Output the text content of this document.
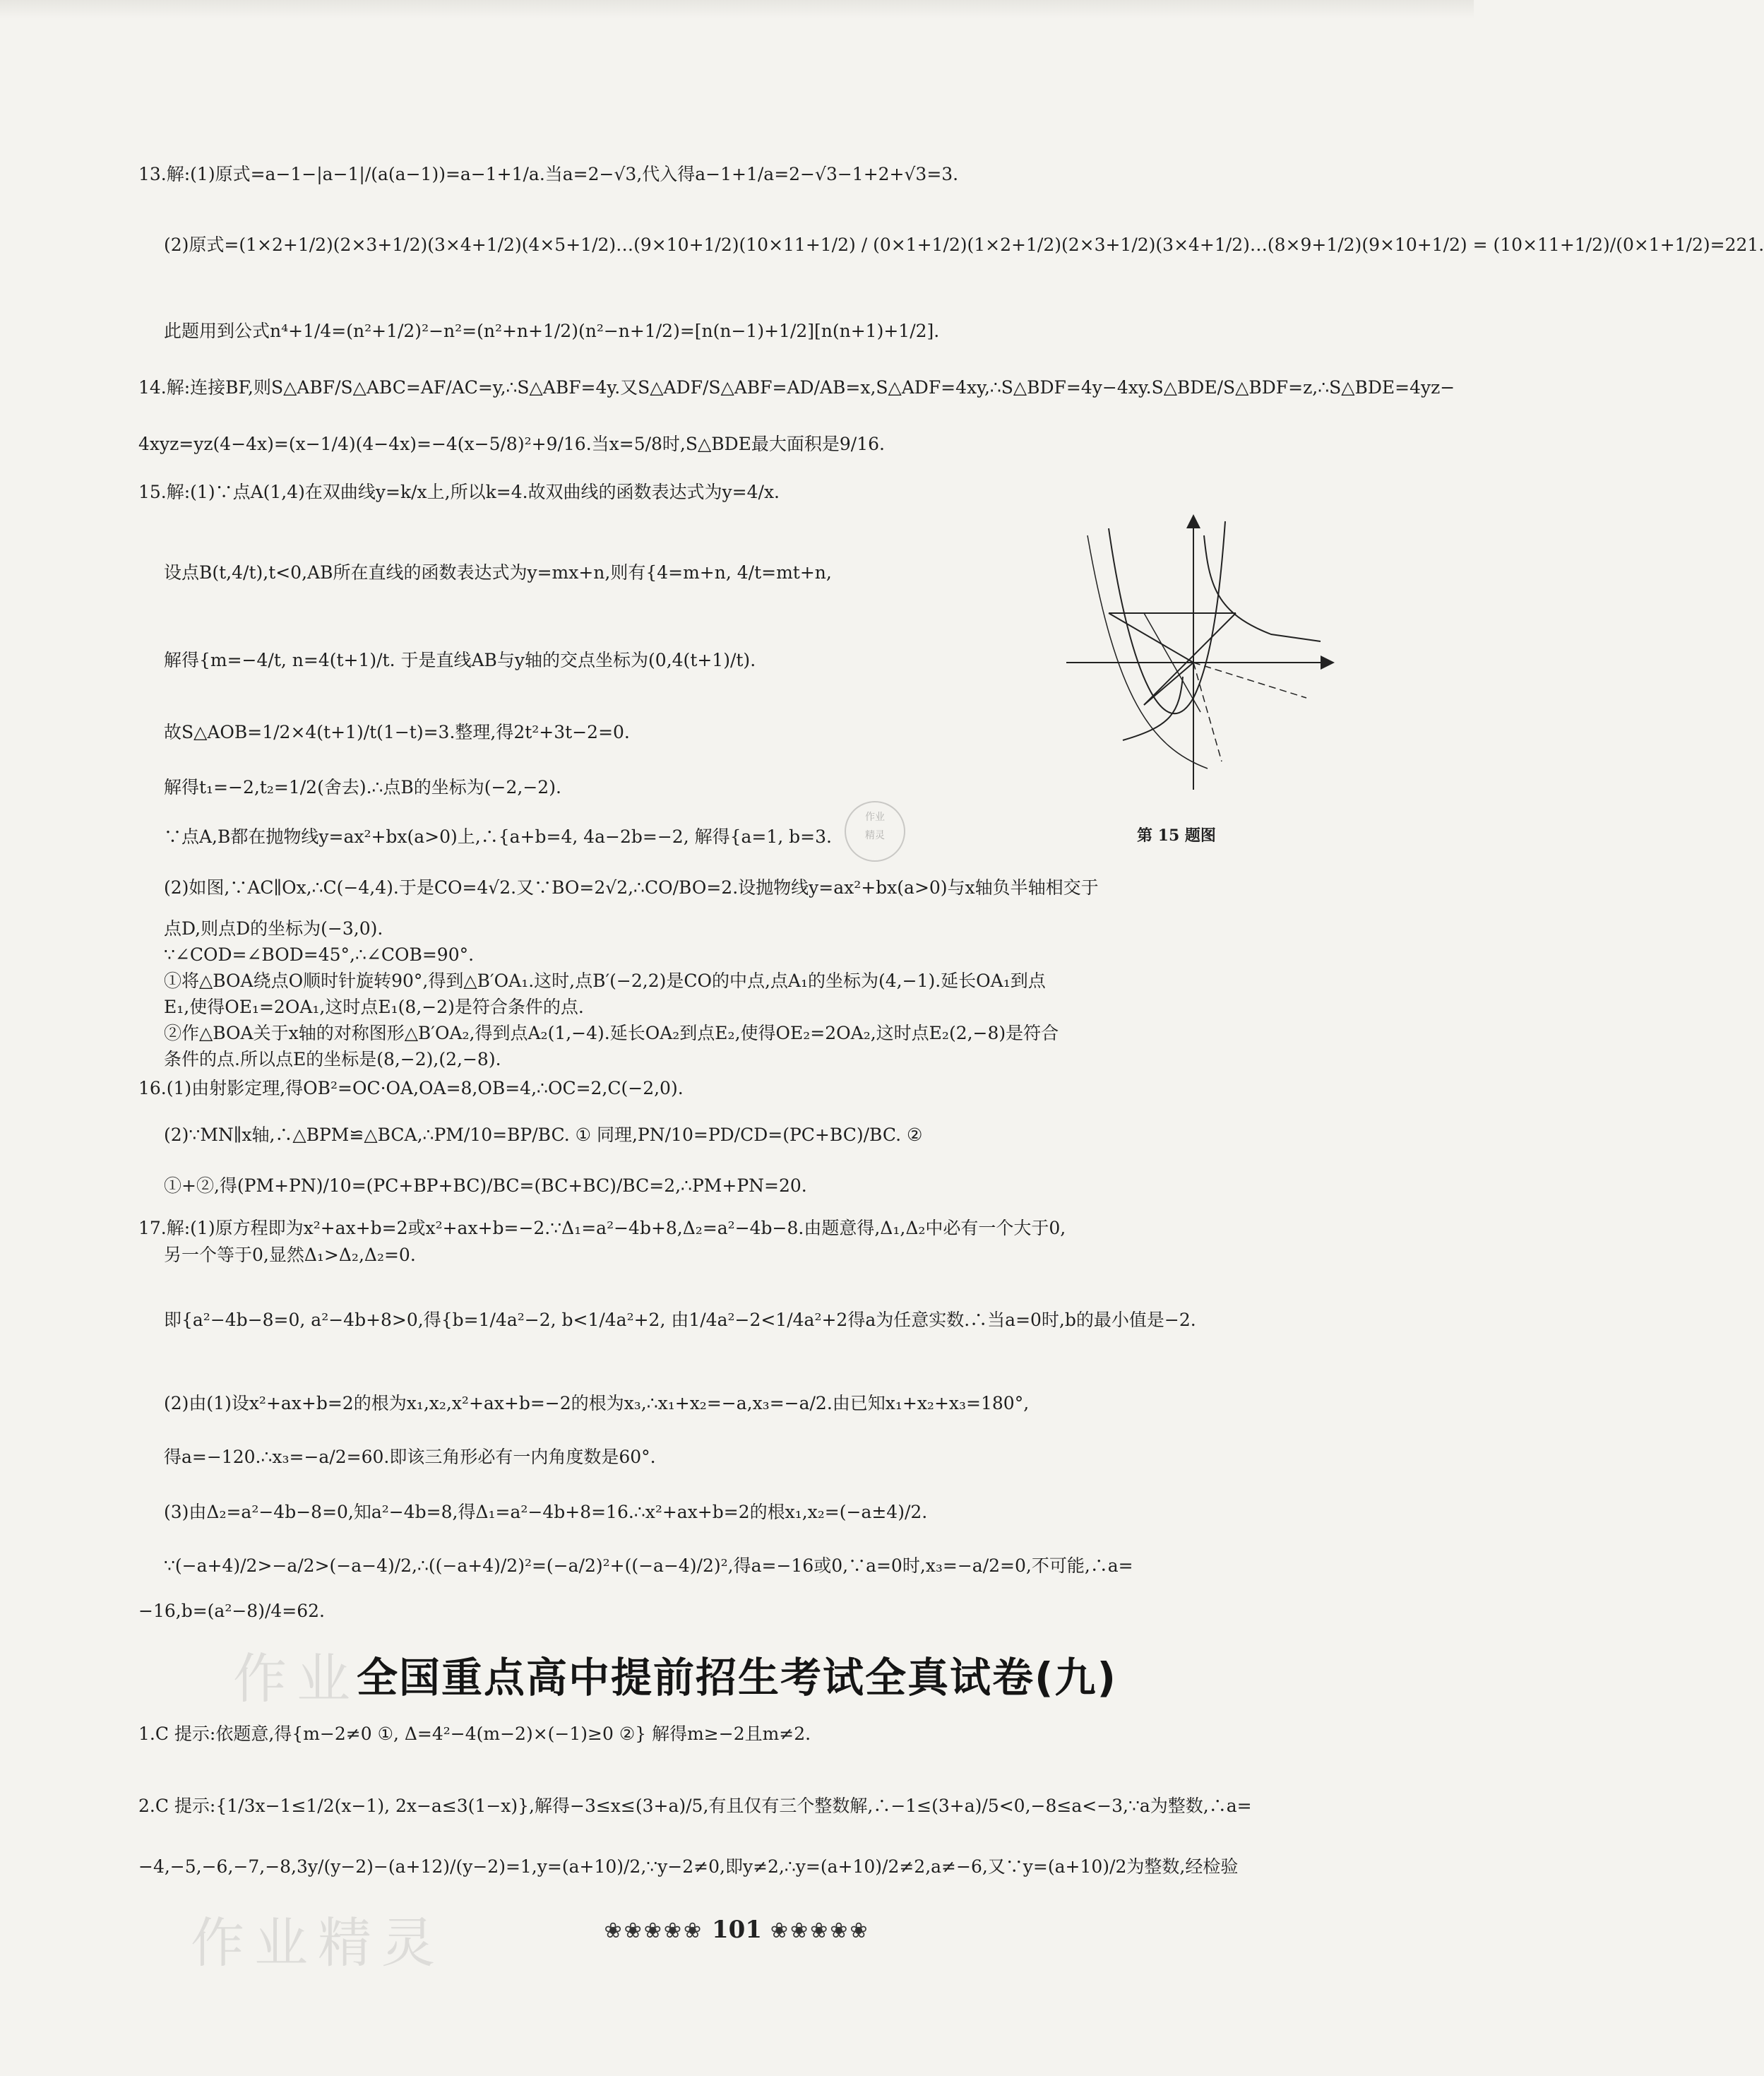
13.解:(1)原式=a−1−|a−1|/(a(a−1))=a−1+1/a.当a=2−√3,代入得a−1+1/a=2−√3−1+2+√3=3.
(2)原式=(1×2+1/2)(2×3+1/2)(3×4+1/2)(4×5+1/2)…(9×10+1/2)(10×11+1/2) / (0×1+1/2)(1×2+1/2)(2×3+1/2)(3×4+1/2)…(8×9+1/2)(9×10+1/2) = (10×11+1/2)/(0×1+1/2)=221.
此题用到公式n⁴+1/4=(n²+1/2)²−n²=(n²+n+1/2)(n²−n+1/2)=[n(n−1)+1/2][n(n+1)+1/2].
14.解:连接BF,则S△ABF/S△ABC=AF/AC=y,∴S△ABF=4y.又S△ADF/S△ABF=AD/AB=x,S△ADF=4xy,∴S△BDF=4y−4xy.S△BDE/S△BDF=z,∴S△BDE=4yz−
4xyz=yz(4−4x)=(x−1/4)(4−4x)=−4(x−5/8)²+9/16.当x=5/8时,S△BDE最大面积是9/16.
15.解:(1)∵点A(1,4)在双曲线y=k/x上,所以k=4.故双曲线的函数表达式为y=4/x.
设点B(t,4/t),t<0,AB所在直线的函数表达式为y=mx+n,则有{4=m+n, 4/t=mt+n,
解得{m=−4/t, n=4(t+1)/t. 于是直线AB与y轴的交点坐标为(0,4(t+1)/t).
故S△AOB=1/2×4(t+1)/t(1−t)=3.整理,得2t²+3t−2=0.
解得t₁=−2,t₂=1/2(舍去).∴点B的坐标为(−2,−2).
∵点A,B都在抛物线y=ax²+bx(a>0)上,∴{a+b=4, 4a−2b=−2, 解得{a=1, b=3.
(2)如图,∵AC∥Ox,∴C(−4,4).于是CO=4√2.又∵BO=2√2,∴CO/BO=2.设抛物线y=ax²+bx(a>0)与x轴负半轴相交于
点D,则点D的坐标为(−3,0).
∵∠COD=∠BOD=45°,∴∠COB=90°.
①将△BOA绕点O顺时针旋转90°,得到△B′OA₁.这时,点B′(−2,2)是CO的中点,点A₁的坐标为(4,−1).延长OA₁到点
E₁,使得OE₁=2OA₁,这时点E₁(8,−2)是符合条件的点.
②作△BOA关于x轴的对称图形△B′OA₂,得到点A₂(1,−4).延长OA₂到点E₂,使得OE₂=2OA₂,这时点E₂(2,−8)是符合
条件的点.所以点E的坐标是(8,−2),(2,−8).
16.(1)由射影定理,得OB²=OC·OA,OA=8,OB=4,∴OC=2,C(−2,0).
(2)∵MN∥x轴,∴△BPM≌△BCA,∴PM/10=BP/BC. ① 同理,PN/10=PD/CD=(PC+BC)/BC. ②
①+②,得(PM+PN)/10=(PC+BP+BC)/BC=(BC+BC)/BC=2,∴PM+PN=20.
17.解:(1)原方程即为x²+ax+b=2或x²+ax+b=−2.∵Δ₁=a²−4b+8,Δ₂=a²−4b−8.由题意得,Δ₁,Δ₂中必有一个大于0,
另一个等于0,显然Δ₁>Δ₂,Δ₂=0.
即{a²−4b−8=0, a²−4b+8>0,得{b=1/4a²−2, b<1/4a²+2, 由1/4a²−2<1/4a²+2得a为任意实数.∴当a=0时,b的最小值是−2.
(2)由(1)设x²+ax+b=2的根为x₁,x₂,x²+ax+b=−2的根为x₃,∴x₁+x₂=−a,x₃=−a/2.由已知x₁+x₂+x₃=180°,
得a=−120.∴x₃=−a/2=60.即该三角形必有一内角度数是60°.
(3)由Δ₂=a²−4b−8=0,知a²−4b=8,得Δ₁=a²−4b+8=16.∴x²+ax+b=2的根x₁,x₂=(−a±4)/2.
∵(−a+4)/2>−a/2>(−a−4)/2,∴((−a+4)/2)²=(−a/2)²+((−a−4)/2)²,得a=−16或0,∵a=0时,x₃=−a/2=0,不可能,∴a=
−16,b=(a²−8)/4=62.
作业
全国重点高中提前招生考试全真试卷(九)
1.C 提示:依题意,得{m−2≠0 ①, Δ=4²−4(m−2)×(−1)≥0 ②} 解得m≥−2且m≠2.
2.C 提示:{1/3x−1≤1/2(x−1), 2x−a≤3(1−x)},解得−3≤x≤(3+a)/5,有且仅有三个整数解,∴−1≤(3+a)/5<0,−8≤a<−3,∵a为整数,∴a=
−4,−5,−6,−7,−8,3y/(y−2)−(a+12)/(y−2)=1,y=(a+10)/2,∵y−2≠0,即y≠2,∴y=(a+10)/2≠2,a≠−6,又∵y=(a+10)/2为整数,经检验
作业精灵	❀❀❀❀❀ 101 ❀❀❀❀❀
第 15 题图
作业
精灵
